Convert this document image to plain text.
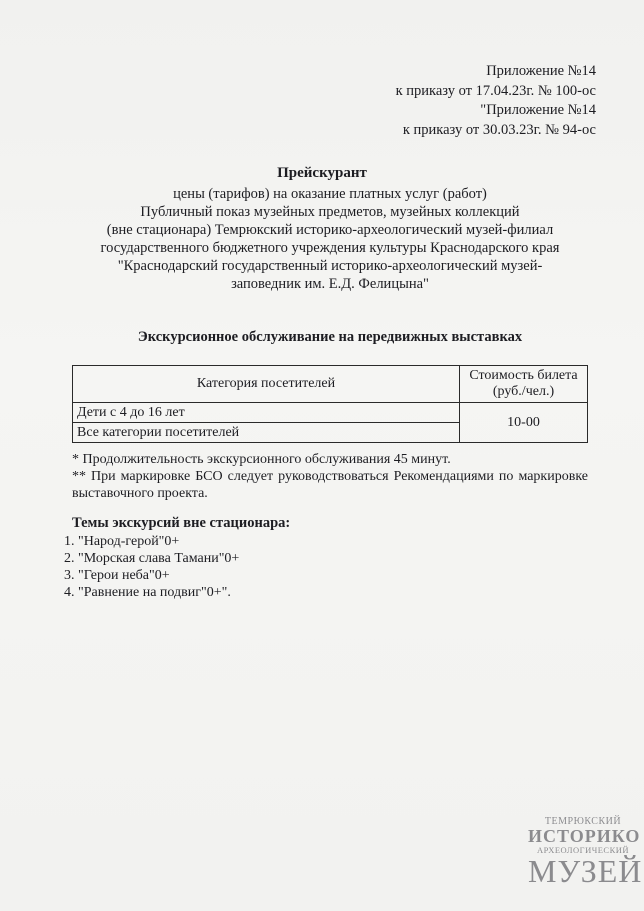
Приложение №14
к приказу от 17.04.23г. № 100-ос
"Приложение №14
к приказу от 30.03.23г. № 94-ос
Прейскурант
цены (тарифов) на оказание платных услуг (работ)
Публичный показ музейных предметов, музейных коллекций
(вне стационара) Темрюкский историко-археологический музей-филиал
государственного бюджетного учреждения культуры Краснодарского края
"Краснодарский государственный историко-археологический музей-
заповедник им. Е.Д. Фелицына"
Экскурсионное обслуживание на передвижных выставках
Категория посетителей	Стоимость билета (руб./чел.)
Дети с 4 до 16 лет	10-00
Все категории посетителей	

* Продолжительность экскурсионного обслуживания 45 минут.

** При маркировке БСО следует руководствоваться Рекомендациями по маркировке выставочного проекта.

Темы экскурсий вне стационара:
1. "Народ-герой"0+
2. "Морская слава Тамани"0+
3. "Герои неба"0+
4. "Равнение на подвиг"0+".
ТЕМРЮКСКИЙ
ИСТОРИКО
АРХЕОЛОГИЧЕСКИЙ
МУЗЕЙ
